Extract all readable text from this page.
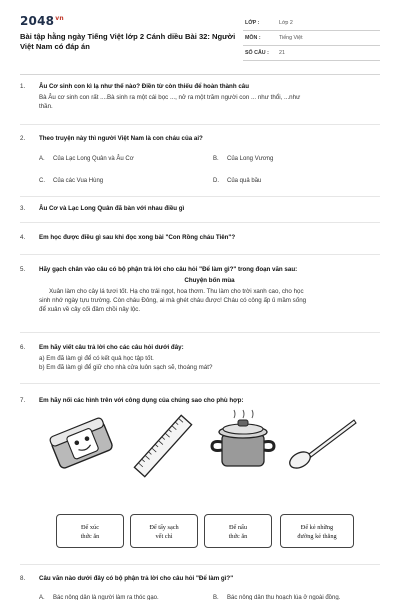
$2048^{vn}$
Bài tập hằng ngày Tiếng Việt lớp 2 Cánh diều Bài 32: Người Việt Nam có đáp án
LỚP :	Lớp 2
MÔN :	Tiếng Việt
SỐ CÂU : 21
1. Âu Cơ sinh con kì lạ như thế nào? Điền từ còn thiếu để hoàn thành câu
Bà Âu cơ sinh con rất ....Bà sinh ra một cái bọc ..., nở ra một trăm người con ... như thổi, ...như
thần.
2. Theo truyện này thì người Việt Nam là con cháu của ai?
A. Của Lạc Long Quân và Âu Cơ	B. Của Long Vương
C. Của các Vua Hùng	D. Của quả bầu
3. Âu Cơ và Lạc Long Quân đã bàn với nhau điều gì
4. Em học được điều gì sau khi đọc xong bài "Con Rồng cháu Tiên"?
5. Hãy gạch chân vào câu có bộ phận trả lời cho câu hỏi "Để làm gì?" trong đoạn văn sau:
Chuyện bốn mùa
Xuân làm cho cây lá tươi tốt. Hạ cho trái ngọt, hoa thơm. Thu làm cho trời xanh cao, cho học
sinh nhớ ngày tựu trường. Còn cháu Đông, ai mà ghét cháu được! Cháu có công ấp ủ mầm sống
để xuân về cây cối đâm chồi nảy lộc.
6. Em hãy viết câu trả lời cho các câu hỏi dưới đây:
a) Em đã làm gì để có kết quả học tập tốt.
b) Em đã làm gì để giữ cho nhà cửa luôn sạch sẽ, thoáng mát?
7. Em hãy nối các hình trên với công dụng của chúng sao cho phù hợp:
Để xúc
thức ăn
Để tẩy sạch
vết chì
Để nấu
thức ăn
Để kẻ những
đường kẻ thẳng
8. Câu văn nào dưới đây có bộ phận trả lời cho câu hỏi "Để làm gì?"
A. Bác nông dân là người làm ra thóc gạo.	B. Bác nông dân thu hoạch lúa ở ngoài đồng.
